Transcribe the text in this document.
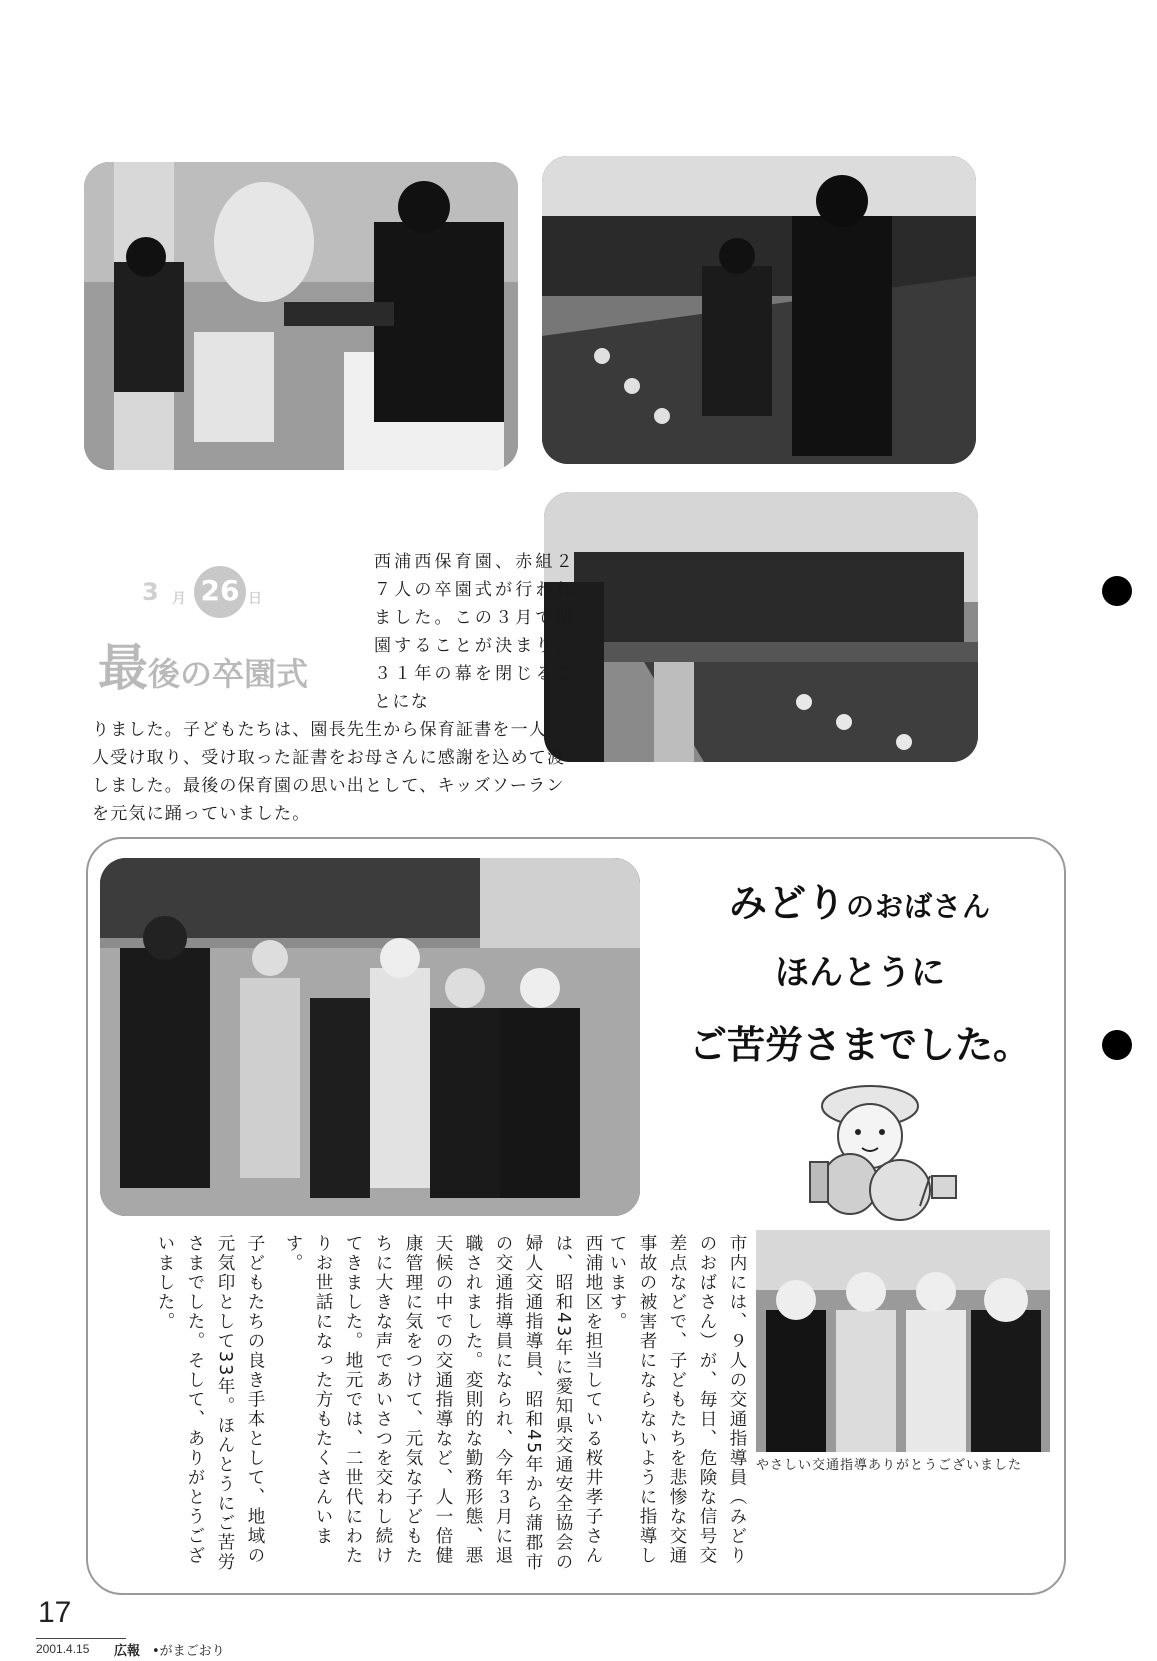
3 月 26 日
最後の卒園式
西浦西保育園、赤組２７人の卒園式が行われました。この３月で閉園することが決まり、３１年の幕を閉じることにな
りました。子どもたちは、園長先生から保育証書を一人一人受け取り、受け取った証書をお母さんに感謝を込めて渡しました。最後の保育園の思い出として、キッズソーランを元気に踊っていました。
みどりのおばさん
ほんとうに
ご苦労さまでした。
市内には、９人の交通指導員（みどりのおばさん）が、毎日、危険な信号交差点などで、子どもたちを悲惨な交通事故の被害者にならないように指導しています。
西浦地区を担当している桜井孝子さんは、昭和43年に愛知県交通安全協会の婦人交通指導員、昭和45年から蒲郡市の交通指導員になられ、今年３月に退職されました。変則的な勤務形態、悪天候の中での交通指導など、人一倍健康管理に気をつけて、元気な子どもたちに大きな声であいさつを交わし続けてきました。地元では、二世代にわたりお世話になった方もたくさんいます。
子どもたちの良き手本として、地域の元気印として33年。ほんとうにご苦労さまでした。そして、ありがとうございました。
やさしい交通指導ありがとうございました
17
2001.4.15 広報 •がまごおり
